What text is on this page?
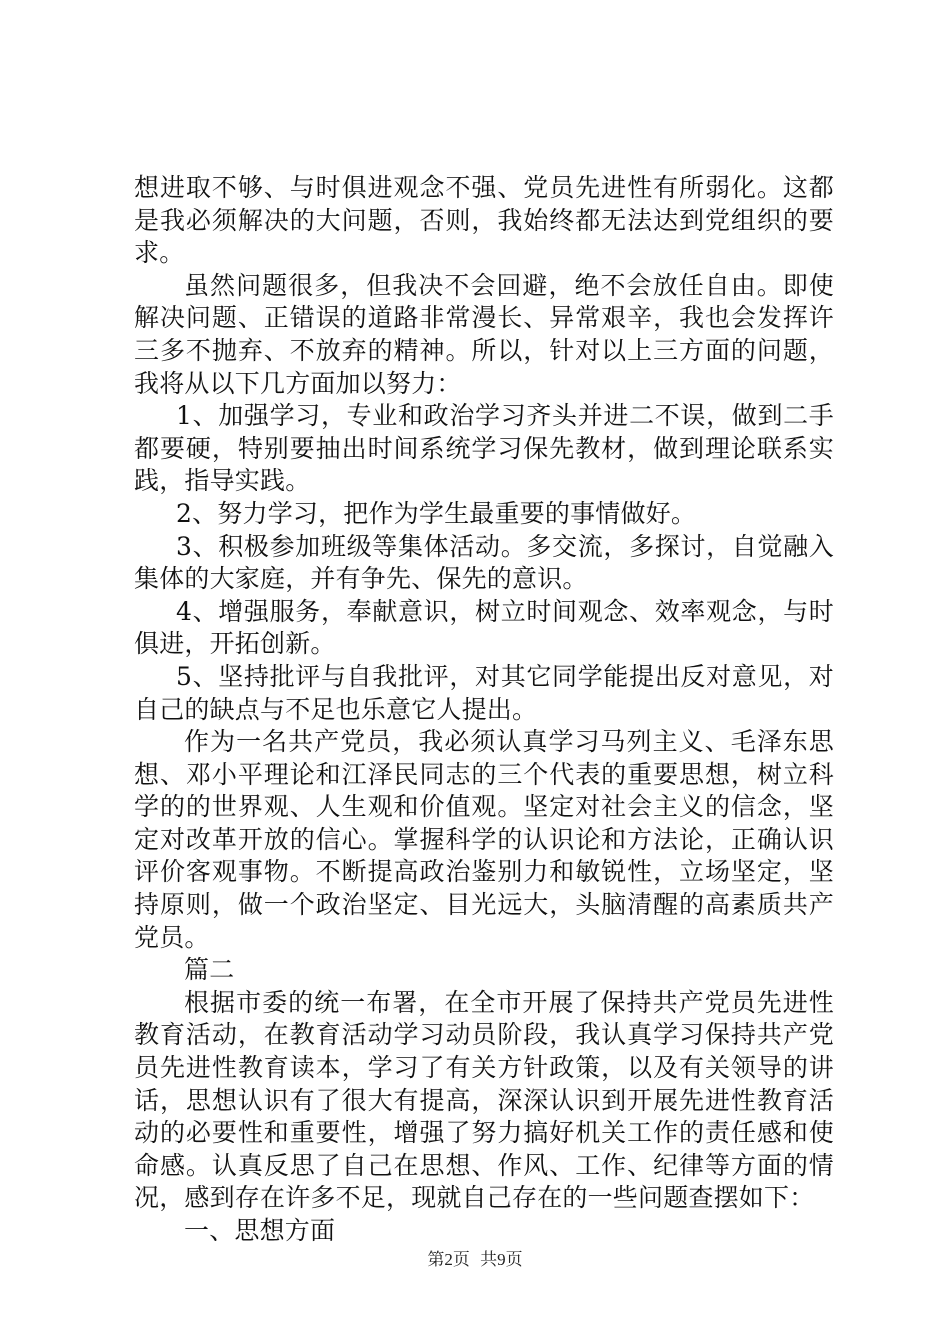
想进取不够、与时俱进观念不强、党员先进性有所弱化。这都是我必须解决的大问题，否则，我始终都无法达到党组织的要求。

虽然问题很多，但我决不会回避，绝不会放任自由。即使解决问题、正错误的道路非常漫长、异常艰辛，我也会发挥许三多不抛弃、不放弃的精神。所以，针对以上三方面的问题，我将从以下几方面加以努力：

1、加强学习，专业和政治学习齐头并进二不误，做到二手都要硬，特别要抽出时间系统学习保先教材，做到理论联系实践，指导实践。

2、努力学习，把作为学生最重要的事情做好。

3、积极参加班级等集体活动。多交流，多探讨，自觉融入集体的大家庭，并有争先、保先的意识。

4、增强服务，奉献意识，树立时间观念、效率观念，与时俱进，开拓创新。

5、坚持批评与自我批评，对其它同学能提出反对意见，对自己的缺点与不足也乐意它人提出。

作为一名共产党员，我必须认真学习马列主义、毛泽东思想、邓小平理论和江泽民同志的三个代表的重要思想，树立科学的的世界观、人生观和价值观。坚定对社会主义的信念，坚定对改革开放的信心。掌握科学的认识论和方法论，正确认识评价客观事物。不断提高政治鉴别力和敏锐性，立场坚定，坚持原则，做一个政治坚定、目光远大，头脑清醒的高素质共产党员。

篇二

根据市委的统一布署，在全市开展了保持共产党员先进性教育活动，在教育活动学习动员阶段，我认真学习保持共产党员先进性教育读本，学习了有关方针政策，以及有关领导的讲话，思想认识有了很大有提高，深深认识到开展先进性教育活动的必要性和重要性，增强了努力搞好机关工作的责任感和使命感。认真反思了自己在思想、作风、工作、纪律等方面的情况，感到存在许多不足，现就自己存在的一些问题查摆如下：

一、思想方面

第2页 共9页
